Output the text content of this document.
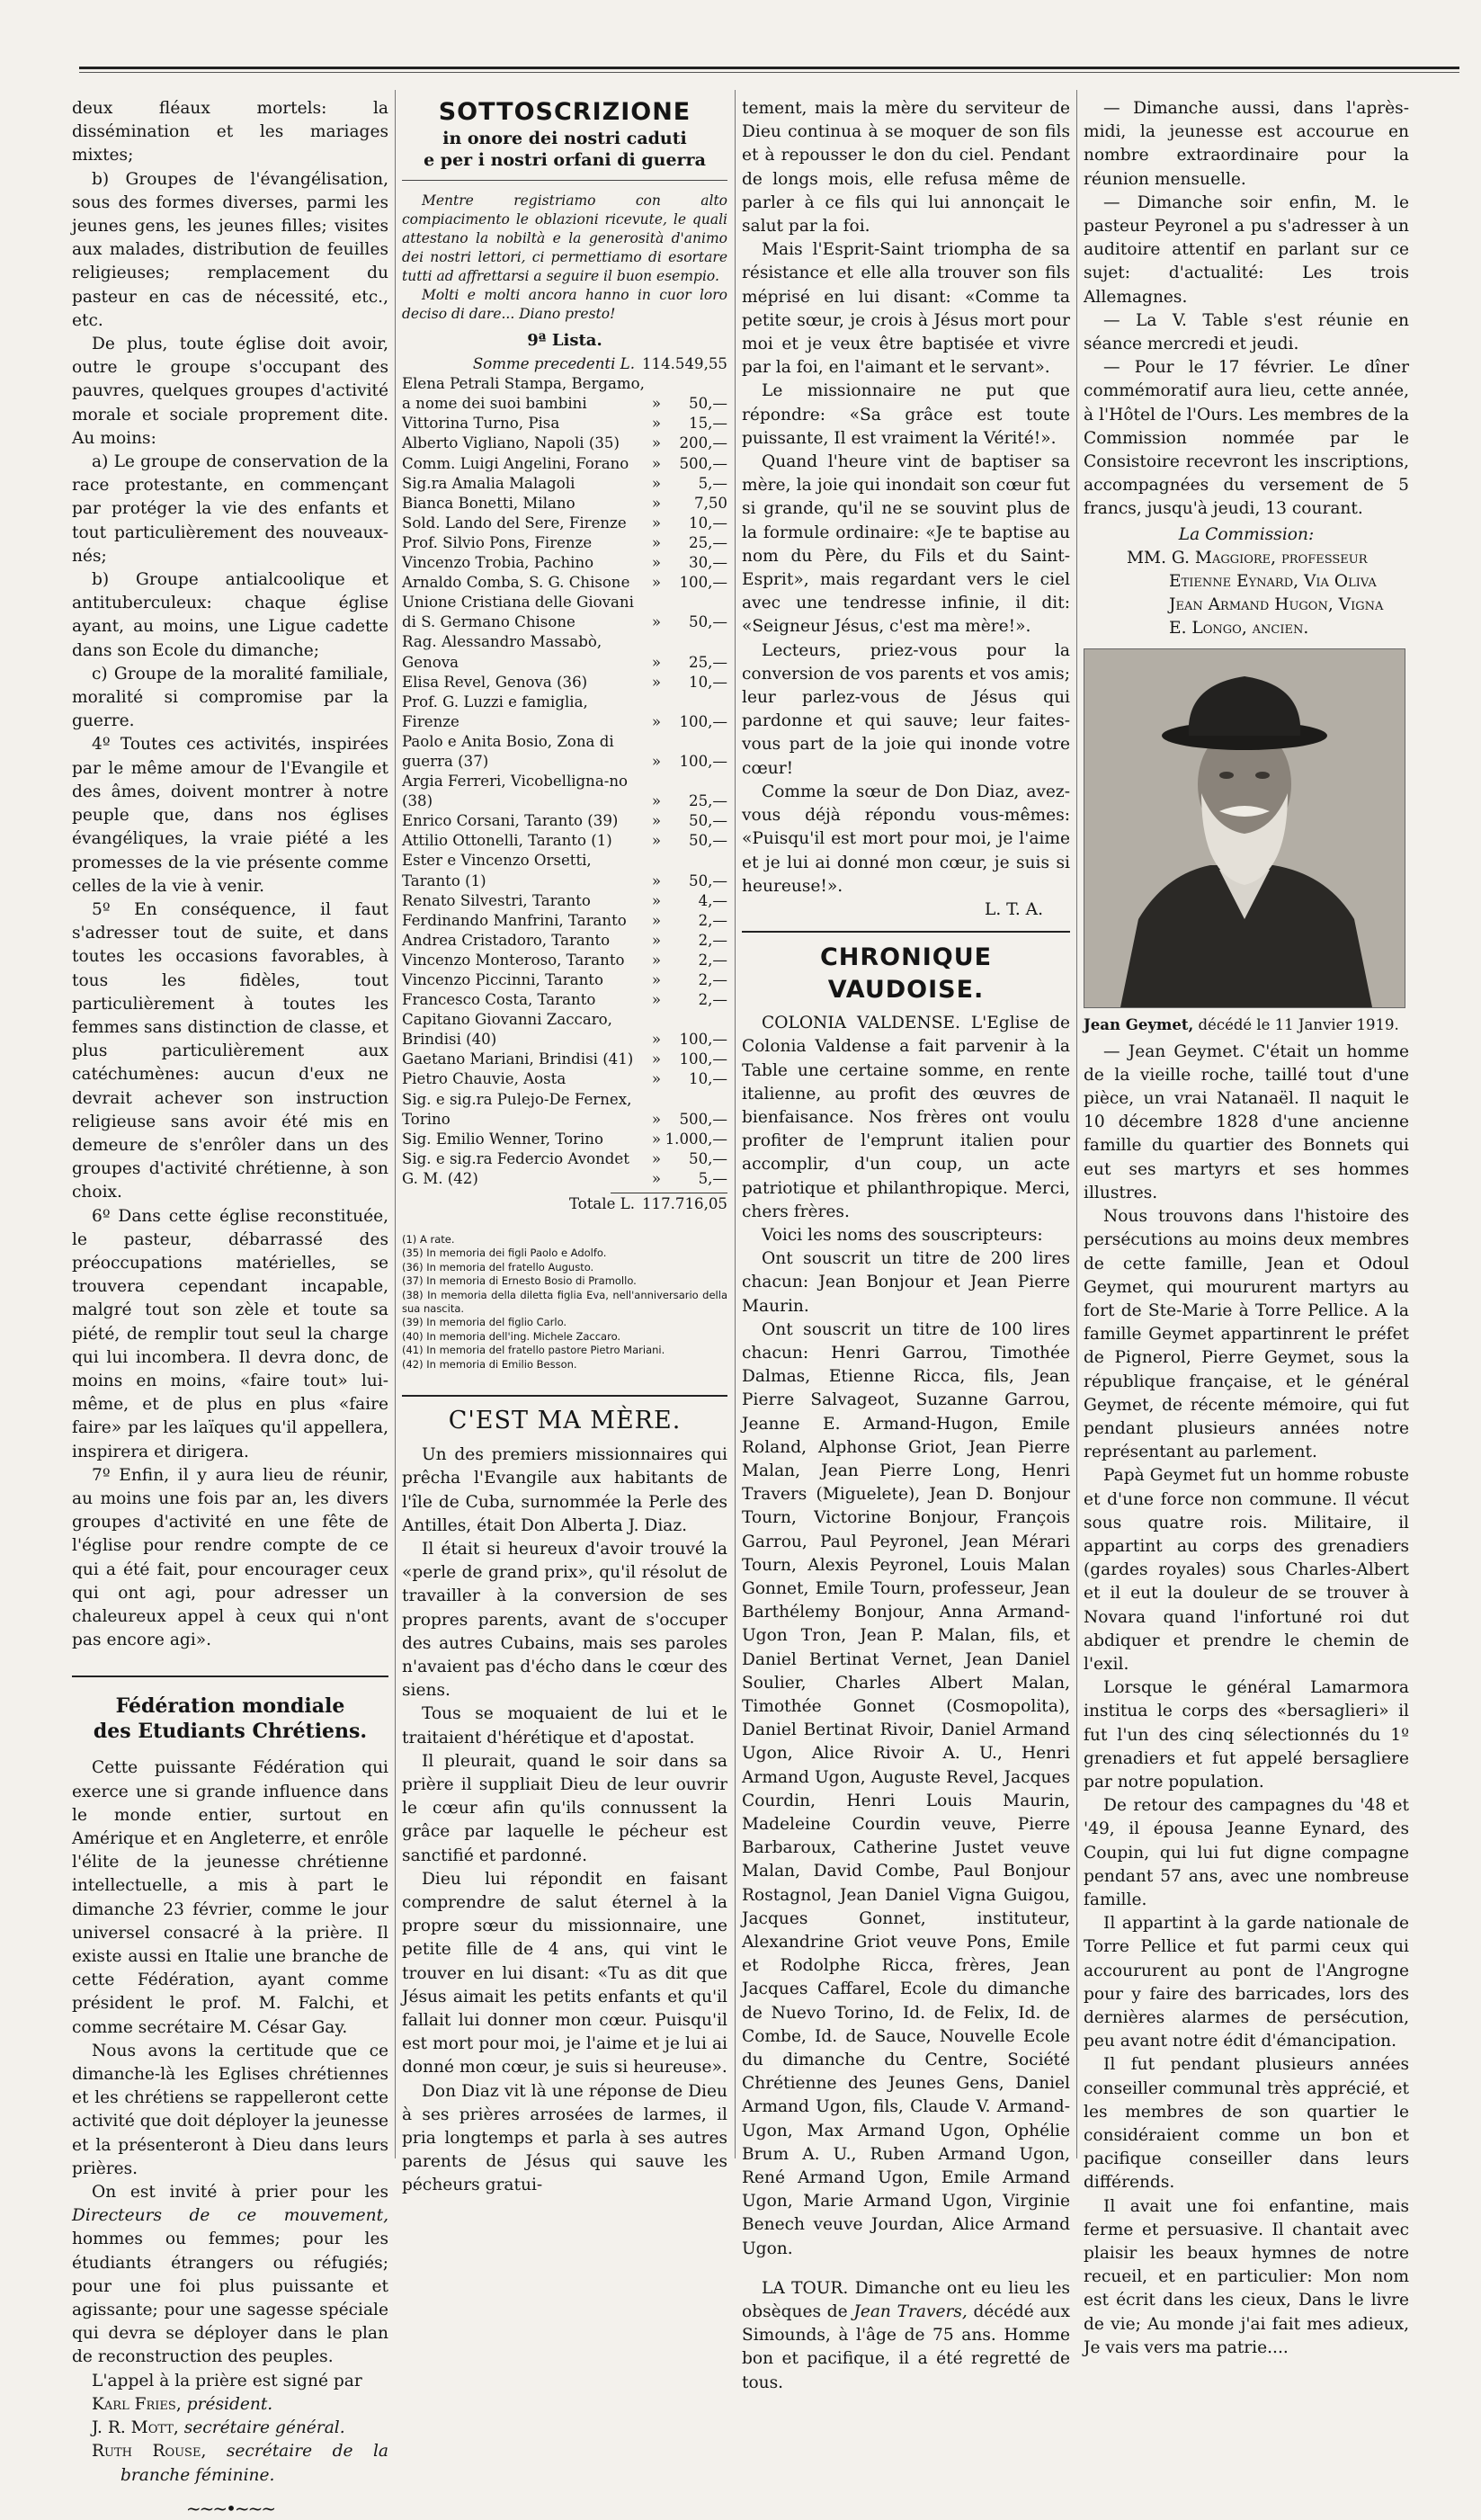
deux fléaux mortels: la dissémination et les mariages mixtes;

b) Groupes de l'évangélisation, sous des formes diverses, parmi les jeunes gens, les jeunes filles; visites aux malades, distribution de feuilles religieuses; remplacement du pasteur en cas de nécessité, etc., etc.

De plus, toute église doit avoir, outre le groupe s'occupant des pauvres, quelques groupes d'activité morale et sociale proprement dite. Au moins:

a) Le groupe de conservation de la race protestante, en commençant par protéger la vie des enfants et tout particulièrement des nouveaux-nés;

b) Groupe antialcoolique et antituberculeux: chaque église ayant, au moins, une Ligue cadette dans son Ecole du dimanche;

c) Groupe de la moralité familiale, moralité si compromise par la guerre.

4º Toutes ces activités, inspirées par le même amour de l'Evangile et des âmes, doivent montrer à notre peuple que, dans nos églises évangéliques, la vraie piété a les promesses de la vie présente comme celles de la vie à venir.

5º En conséquence, il faut s'adresser tout de suite, et dans toutes les occasions favorables, à tous les fidèles, tout particulièrement à toutes les femmes sans distinction de classe, et plus particulièrement aux catéchumènes: aucun d'eux ne devrait achever son instruction religieuse sans avoir été mis en demeure de s'enrôler dans un des groupes d'activité chrétienne, à son choix.

6º Dans cette église reconstituée, le pasteur, débarrassé des préoccupations matérielles, se trouvera cependant incapable, malgré tout son zèle et toute sa piété, de remplir tout seul la charge qui lui incombera. Il devra donc, de moins en moins, «faire tout» lui-même, et de plus en plus «faire faire» par les laïques qu'il appellera, inspirera et dirigera.

7º Enfin, il y aura lieu de réunir, au moins une fois par an, les divers groupes d'activité en une fête de l'église pour rendre compte de ce qui a été fait, pour encourager ceux qui ont agi, pour adresser un chaleureux appel à ceux qui n'ont pas encore agi».

Fédération mondiale
des Etudiants Chrétiens.

Cette puissante Fédération qui exerce une si grande influence dans le monde entier, surtout en Amérique et en Angleterre, et enrôle l'élite de la jeunesse chrétienne intellectuelle, a mis à part le dimanche 23 février, comme le jour universel consacré à la prière. Il existe aussi en Italie une branche de cette Fédération, ayant comme président le prof. M. Falchi, et comme secrétaire M. César Gay.

Nous avons la certitude que ce dimanche-là les Eglises chrétiennes et les chrétiens se rappelleront cette activité que doit déployer la jeunesse et la présenteront à Dieu dans leurs prières.

On est invité à prier pour les Directeurs de ce mouvement, hommes ou femmes; pour les étudiants étrangers ou réfugiés; pour une foi plus puissante et agissante; pour une sagesse spéciale qui devra se déployer dans le plan de reconstruction des peuples.

L'appel à la prière est signé par

Karl Fries, président.

J. R. Mott, secrétaire général.

Ruth Rouse, secrétaire de la branche féminine.

~~~•~~~
SOTTOSCRIZIONE
in onore dei nostri caduti
e per i nostri orfani di guerra

Mentre registriamo con alto compiacimento le oblazioni ricevute, le quali attestano la nobiltà e la generosità d'animo dei nostri lettori, ci permettiamo di esortare tutti ad affrettarsi a seguire il buon esempio.

Molti e molti ancora hanno in cuor loro deciso di dare... Diano presto!

9ª Lista.
Somme precedenti L. 114.549,55
Elena Petrali Stampa, Bergamo, a nome dei suoi bambini	»	50,—
Vittorina Turno, Pisa	»	15,—
Alberto Vigliano, Napoli (35)	»	200,—
Comm. Luigi Angelini, Forano	»	500,—
Sig.ra Amalia Malagoli	»	5,—
Bianca Bonetti, Milano	»	7,50
Sold. Lando del Sere, Firenze	»	10,—
Prof. Silvio Pons, Firenze	»	25,—
Vincenzo Trobia, Pachino	»	30,—
Arnaldo Comba, S. G. Chisone	»	100,—
Unione Cristiana delle Giovani di S. Germano Chisone	»	50,—
Rag. Alessandro Massabò, Genova	»	25,—
Elisa Revel, Genova (36)	»	10,—
Prof. G. Luzzi e famiglia, Firenze	»	100,—
Paolo e Anita Bosio, Zona di guerra (37)	»	100,—
Argia Ferreri, Vicobelligna-no (38)	»	25,—
Enrico Corsani, Taranto (39)	»	50,—
Attilio Ottonelli, Taranto (1)	»	50,—
Ester e Vincenzo Orsetti, Taranto (1)	»	50,—
Renato Silvestri, Taranto	»	4,—
Ferdinando Manfrini, Taranto	»	2,—
Andrea Cristadoro, Taranto	»	2,—
Vincenzo Monteroso, Taranto	»	2,—
Vincenzo Piccinni, Taranto	»	2,—
Francesco Costa, Taranto	»	2,—
Capitano Giovanni Zaccaro, Brindisi (40)	»	100,—
Gaetano Mariani, Brindisi (41)	»	100,—
Pietro Chauvie, Aosta	»	10,—
Sig. e sig.ra Pulejo-De Fernex, Torino	»	500,—
Sig. Emilio Wenner, Torino	»	1.000,—
Sig. e sig.ra Federcio Avondet	»	50,—
G. M. (42)	»	5,—
Totale L. 117.716,05
(1) A rate.
(35) In memoria dei figli Paolo e Adolfo.
(36) In memoria del fratello Augusto.
(37) In memoria di Ernesto Bosio di Pramollo.
(38) In memoria della diletta figlia Eva, nell'anniversario della sua nascita.
(39) In memoria del figlio Carlo.
(40) In memoria dell'ing. Michele Zaccaro.
(41) In memoria del fratello pastore Pietro Mariani.
(42) In memoria di Emilio Besson.
C'EST MA MÈRE.

Un des premiers missionnaires qui prêcha l'Evangile aux habitants de l'île de Cuba, surnommée la Perle des Antilles, était Don Alberta J. Diaz.

Il était si heureux d'avoir trouvé la «perle de grand prix», qu'il résolut de travailler à la conversion de ses propres parents, avant de s'occuper des autres Cubains, mais ses paroles n'avaient pas d'écho dans le cœur des siens.

Tous se moquaient de lui et le traitaient d'hérétique et d'apostat.

Il pleurait, quand le soir dans sa prière il suppliait Dieu de leur ouvrir le cœur afin qu'ils connussent la grâce par laquelle le pécheur est sanctifié et pardonné.

Dieu lui répondit en faisant comprendre de salut éternel à la propre sœur du missionnaire, une petite fille de 4 ans, qui vint le trouver en lui disant: «Tu as dit que Jésus aimait les petits enfants et qu'il fallait lui donner mon cœur. Puisqu'il est mort pour moi, je l'aime et je lui ai donné mon cœur, je suis si heureuse».

Don Diaz vit là une réponse de Dieu à ses prières arrosées de larmes, il pria longtemps et parla à ses autres parents de Jésus qui sauve les pécheurs gratui-

tement, mais la mère du serviteur de Dieu continua à se moquer de son fils et à repousser le don du ciel. Pendant de longs mois, elle refusa même de parler à ce fils qui lui annonçait le salut par la foi.

Mais l'Esprit-Saint triompha de sa résistance et elle alla trouver son fils méprisé en lui disant: «Comme ta petite sœur, je crois à Jésus mort pour moi et je veux être baptisée et vivre par la foi, en l'aimant et le servant».

Le missionnaire ne put que répondre: «Sa grâce est toute puissante, Il est vraiment la Vérité!».

Quand l'heure vint de baptiser sa mère, la joie qui inondait son cœur fut si grande, qu'il ne se souvint plus de la formule ordinaire: «Je te baptise au nom du Père, du Fils et du Saint-Esprit», mais regardant vers le ciel avec une tendresse infinie, il dit: «Seigneur Jésus, c'est ma mère!».

Lecteurs, priez-vous pour la conversion de vos parents et vos amis; leur parlez-vous de Jésus qui pardonne et qui sauve; leur faites-vous part de la joie qui inonde votre cœur!

Comme la sœur de Don Diaz, avez-vous déjà répondu vous-mêmes: «Puisqu'il est mort pour moi, je l'aime et je lui ai donné mon cœur, je suis si heureuse!».

L. T. A.
CHRONIQUE VAUDOISE.

COLONIA VALDENSE. L'Eglise de Colonia Valdense a fait parvenir à la Table une certaine somme, en rente italienne, au profit des œuvres de bienfaisance. Nos frères ont voulu profiter de l'emprunt italien pour accomplir, d'un coup, un acte patriotique et philanthropique. Merci, chers frères.

Voici les noms des souscripteurs:

Ont souscrit un titre de 200 lires chacun: Jean Bonjour et Jean Pierre Maurin.

Ont souscrit un titre de 100 lires chacun: Henri Garrou, Timothée Dalmas, Etienne Ricca, fils, Jean Pierre Salvageot, Suzanne Garrou, Jeanne E. Armand-Hugon, Emile Roland, Alphonse Griot, Jean Pierre Malan, Jean Pierre Long, Henri Travers (Miguelete), Jean D. Bonjour Tourn, Victorine Bonjour, François Garrou, Paul Peyronel, Jean Mérari Tourn, Alexis Peyronel, Louis Malan Gonnet, Emile Tourn, professeur, Jean Barthélemy Bonjour, Anna Armand-Ugon Tron, Jean P. Malan, fils, et Daniel Bertinat Vernet, Jean Daniel Soulier, Charles Albert Malan, Timothée Gonnet (Cosmopolita), Daniel Bertinat Rivoir, Daniel Armand Ugon, Alice Rivoir A. U., Henri Armand Ugon, Auguste Revel, Jacques Courdin, Henri Louis Maurin, Madeleine Courdin veuve, Pierre Barbaroux, Catherine Justet veuve Malan, David Combe, Paul Bonjour Rostagnol, Jean Daniel Vigna Guigou, Jacques Gonnet, instituteur, Alexandrine Griot veuve Pons, Emile et Rodolphe Ricca, frères, Jean Jacques Caffarel, Ecole du dimanche de Nuevo Torino, Id. de Felix, Id. de Combe, Id. de Sauce, Nouvelle Ecole du dimanche du Centre, Société Chrétienne des Jeunes Gens, Daniel Armand Ugon, fils, Claude V. Armand-Ugon, Max Armand Ugon, Ophélie Brum A. U., Ruben Armand Ugon, René Armand Ugon, Emile Armand Ugon, Marie Armand Ugon, Virginie Benech veuve Jourdan, Alice Armand Ugon.

LA TOUR. Dimanche ont eu lieu les obsèques de Jean Travers, décédé aux Simounds, à l'âge de 75 ans. Homme bon et pacifique, il a été regretté de tous.

— Dimanche aussi, dans l'après-midi, la jeunesse est accourue en nombre extraordinaire pour la réunion mensuelle.

— Dimanche soir enfin, M. le pasteur Peyronel a pu s'adresser à un auditoire attentif en parlant sur ce sujet: d'actualité: Les trois Allemagnes.

— La V. Table s'est réunie en séance mercredi et jeudi.

— Pour le 17 février. Le dîner commémoratif aura lieu, cette année, à l'Hôtel de l'Ours. Les membres de la Commission nommée par le Consistoire recevront les inscriptions, accompagnées du versement de 5 francs, jusqu'à jeudi, 13 courant.

La Commission:
MM. G. Maggiore, professeur
Etienne Eynard, Via Oliva
Jean Armand Hugon, Vigna
E. Longo, ancien.
Jean Geymet, décédé le 11 Janvier 1919.

— Jean Geymet. C'était un homme de la vieille roche, taillé tout d'une pièce, un vrai Natanaël. Il naquit le 10 décembre 1828 d'une ancienne famille du quartier des Bonnets qui eut ses martyrs et ses hommes illustres.

Nous trouvons dans l'histoire des persécutions au moins deux membres de cette famille, Jean et Odoul Geymet, qui moururent martyrs au fort de Ste-Marie à Torre Pellice. A la famille Geymet appartinrent le préfet de Pignerol, Pierre Geymet, sous la république française, et le général Geymet, de récente mémoire, qui fut pendant plusieurs années notre représentant au parlement.

Papà Geymet fut un homme robuste et d'une force non commune. Il vécut sous quatre rois. Militaire, il appartint au corps des grenadiers (gardes royales) sous Charles-Albert et il eut la douleur de se trouver à Novara quand l'infortuné roi dut abdiquer et prendre le chemin de l'exil.

Lorsque le général Lamarmora institua le corps des «bersaglieri» il fut l'un des cinq sélectionnés du 1º grenadiers et fut appelé bersagliere par notre population.

De retour des campagnes du '48 et '49, il épousa Jeanne Eynard, des Coupin, qui lui fut digne compagne pendant 57 ans, avec une nombreuse famille.

Il appartint à la garde nationale de Torre Pellice et fut parmi ceux qui accoururent au pont de l'Angrogne pour y faire des barricades, lors des dernières alarmes de persécution, peu avant notre édit d'émancipation.

Il fut pendant plusieurs années conseiller communal très apprécié, et les membres de son quartier le considéraient comme un bon et pacifique conseiller dans leurs différends.

Il avait une foi enfantine, mais ferme et persuasive. Il chantait avec plaisir les beaux hymnes de notre recueil, et en particulier: Mon nom est écrit dans les cieux, Dans le livre de vie; Au monde j'ai fait mes adieux, Je vais vers ma patrie....
